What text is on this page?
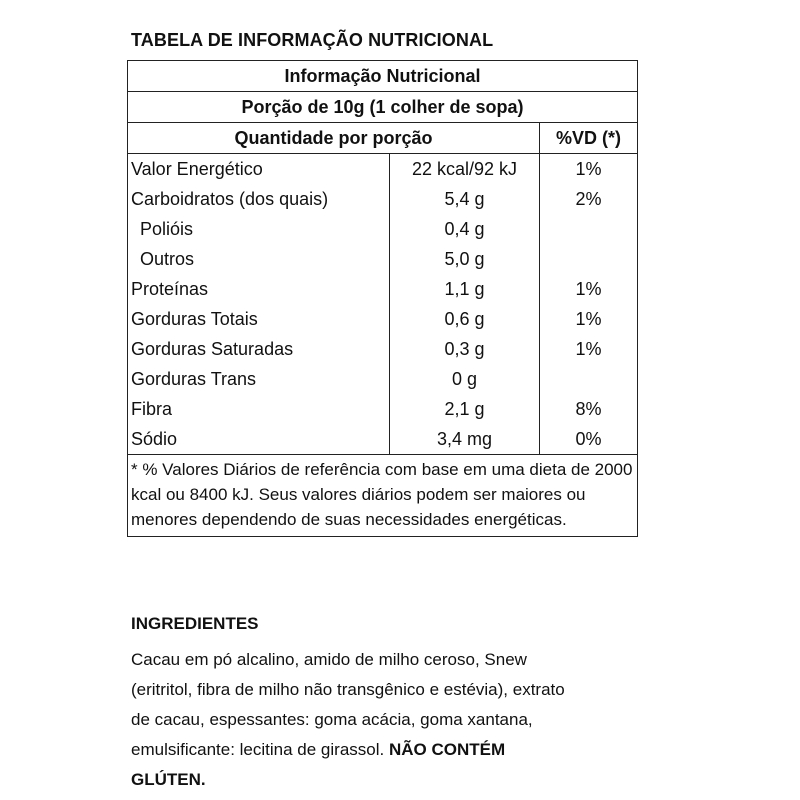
TABELA DE INFORMAÇÃO NUTRICIONAL
Informação Nutricional		
Porção de 10g (1 colher de sopa)		
Quantidade por porção		%VD (*)
Valor Energético	22 kcal/92 kJ	1%
Carboidratos (dos quais)	5,4 g	2%
Polióis	0,4 g	
Outros	5,0 g	
Proteínas	1,1 g	1%
Gorduras Totais	0,6 g	1%
Gorduras Saturadas	0,3 g	1%
Gorduras Trans	0 g	
Fibra	2,1 g	8%
Sódio	3,4 mg	0%
* % Valores Diários de referência com base em uma dieta de 2000 kcal ou 8400 kJ. Seus valores diários podem ser maiores ou menores dependendo de suas necessidades energéticas.		
INGREDIENTES
Cacau em pó alcalino, amido de milho ceroso, Snew (eritritol, fibra de milho não transgênico e estévia), extrato de cacau, espessantes: goma acácia, goma xantana, emulsificante: lecitina de girassol. NÃO CONTÉM GLÚTEN.
